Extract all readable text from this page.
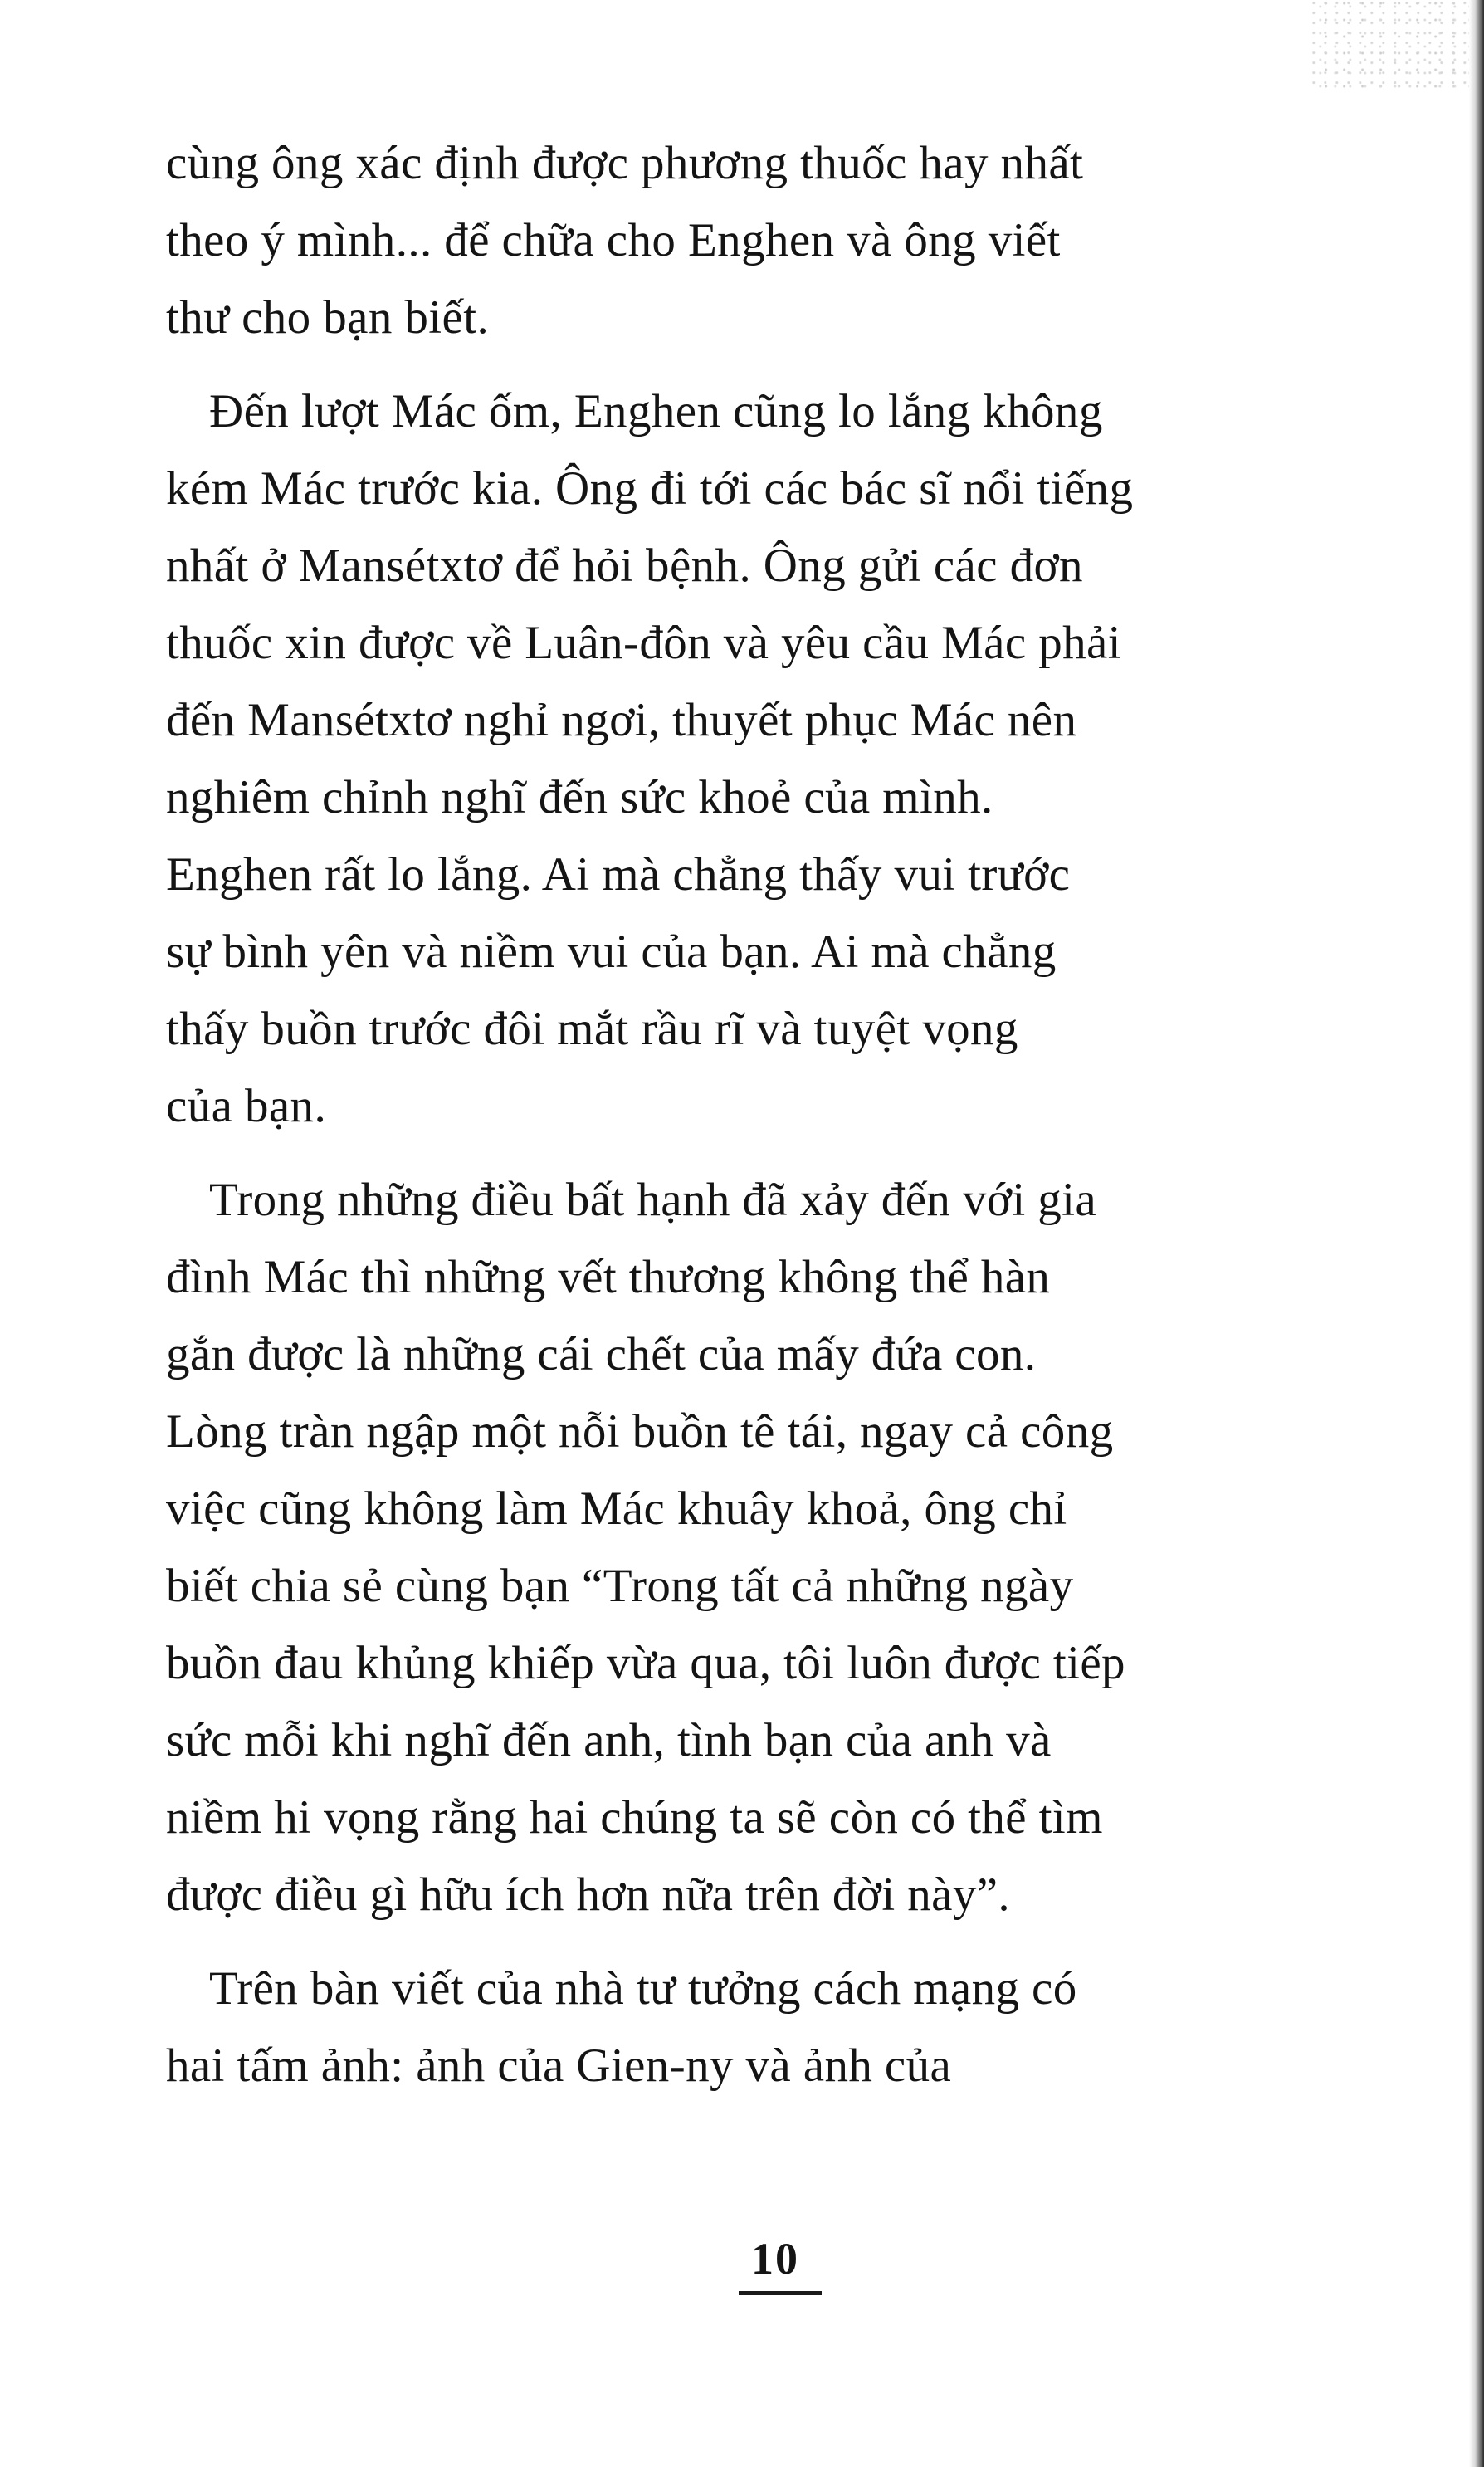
cùng ông xác định được phương thuốc hay nhất
theo ý mình... để chữa cho Enghen và ông viết
thư cho bạn biết.

Đến lượt Mác ốm, Enghen cũng lo lắng không
kém Mác trước kia. Ông đi tới các bác sĩ nổi tiếng
nhất ở Mansétxtơ để hỏi bệnh. Ông gửi các đơn
thuốc xin được về Luân-đôn và yêu cầu Mác phải
đến Mansétxtơ nghỉ ngơi, thuyết phục Mác nên
nghiêm chỉnh nghĩ đến sức khoẻ của mình.
Enghen rất lo lắng. Ai mà chẳng thấy vui trước
sự bình yên và niềm vui của bạn. Ai mà chẳng
thấy buồn trước đôi mắt rầu rĩ và tuyệt vọng
của bạn.

Trong những điều bất hạnh đã xảy đến với gia
đình Mác thì những vết thương không thể hàn
gắn được là những cái chết của mấy đứa con.
Lòng tràn ngập một nỗi buồn tê tái, ngay cả công
việc cũng không làm Mác khuây khoả, ông chỉ
biết chia sẻ cùng bạn “Trong tất cả những ngày
buồn đau khủng khiếp vừa qua, tôi luôn được tiếp
sức mỗi khi nghĩ đến anh, tình bạn của anh và
niềm hi vọng rằng hai chúng ta sẽ còn có thể tìm
được điều gì hữu ích hơn nữa trên đời này”.

Trên bàn viết của nhà tư tưởng cách mạng có
hai tấm ảnh: ảnh của Gien-ny và ảnh của

10
